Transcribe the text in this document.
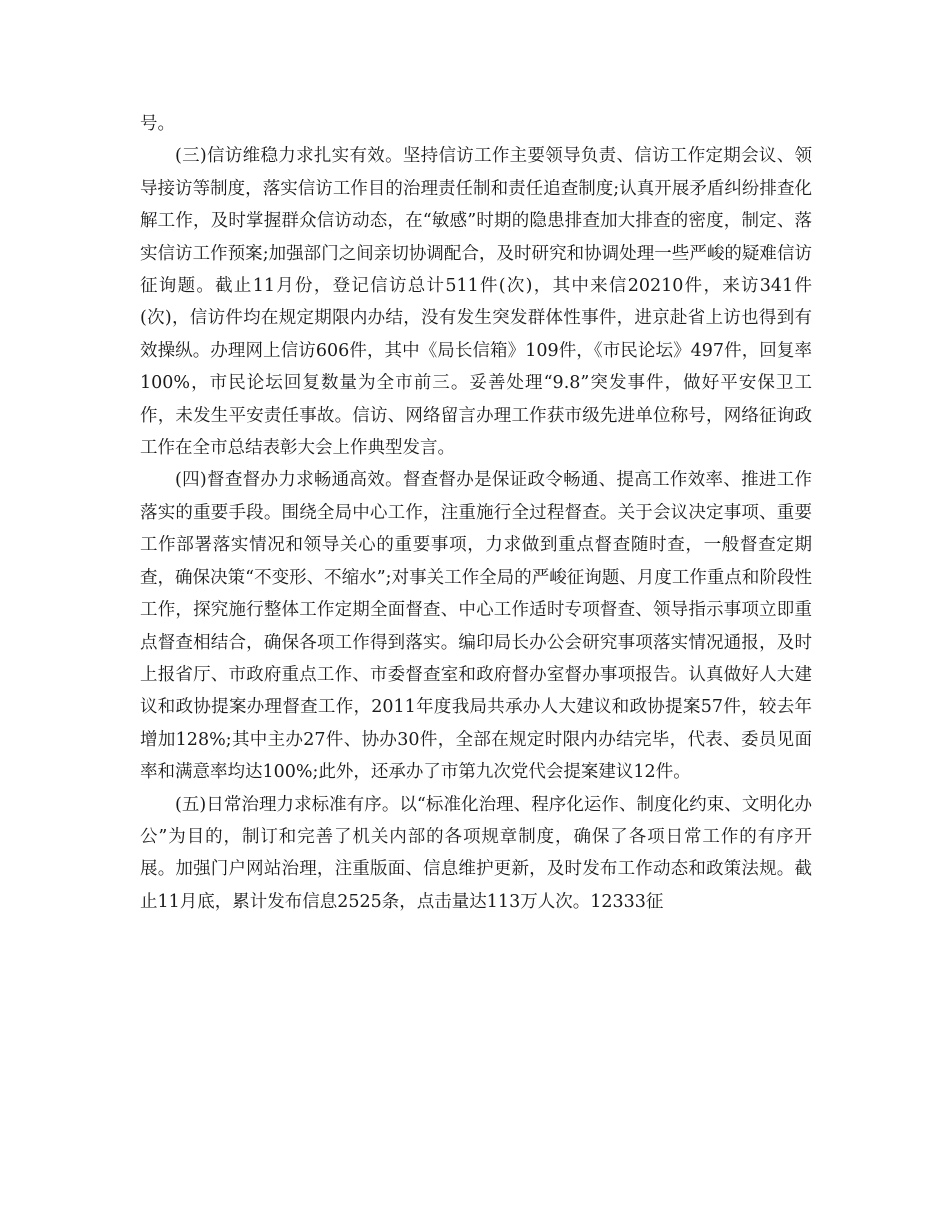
号。

(三)信访维稳力求扎实有效。坚持信访工作主要领导负责、信访工作定期会议、领导接访等制度，落实信访工作目的治理责任制和责任追查制度;认真开展矛盾纠纷排查化解工作，及时掌握群众信访动态，在“敏感”时期的隐患排查加大排查的密度，制定、落实信访工作预案;加强部门之间亲切协调配合，及时研究和协调处理一些严峻的疑难信访征询题。截止11月份，登记信访总计511件(次)，其中来信20210件，来访341件(次)，信访件均在规定期限内办结，没有发生突发群体性事件，进京赴省上访也得到有效操纵。办理网上信访606件，其中《局长信箱》109件，《市民论坛》497件，回复率100%，市民论坛回复数量为全市前三。妥善处理“9.8”突发事件，做好平安保卫工作，未发生平安责任事故。信访、网络留言办理工作获市级先进单位称号，网络征询政工作在全市总结表彰大会上作典型发言。

(四)督查督办力求畅通高效。督查督办是保证政令畅通、提高工作效率、推进工作落实的重要手段。围绕全局中心工作，注重施行全过程督查。关于会议决定事项、重要工作部署落实情况和领导关心的重要事项，力求做到重点督查随时查，一般督查定期查，确保决策“不变形、不缩水”;对事关工作全局的严峻征询题、月度工作重点和阶段性工作，探究施行整体工作定期全面督查、中心工作适时专项督查、领导指示事项立即重点督查相结合，确保各项工作得到落实。编印局长办公会研究事项落实情况通报，及时上报省厅、市政府重点工作、市委督查室和政府督办室督办事项报告。认真做好人大建议和政协提案办理督查工作，2011年度我局共承办人大建议和政协提案57件，较去年增加128%;其中主办27件、协办30件，全部在规定时限内办结完毕，代表、委员见面率和满意率均达100%;此外，还承办了市第九次党代会提案建议12件。

(五)日常治理力求标准有序。以“标准化治理、程序化运作、制度化约束、文明化办公”为目的，制订和完善了机关内部的各项规章制度，确保了各项日常工作的有序开展。加强门户网站治理，注重版面、信息维护更新，及时发布工作动态和政策法规。截止11月底，累计发布信息2525条，点击量达113万人次。12333征
